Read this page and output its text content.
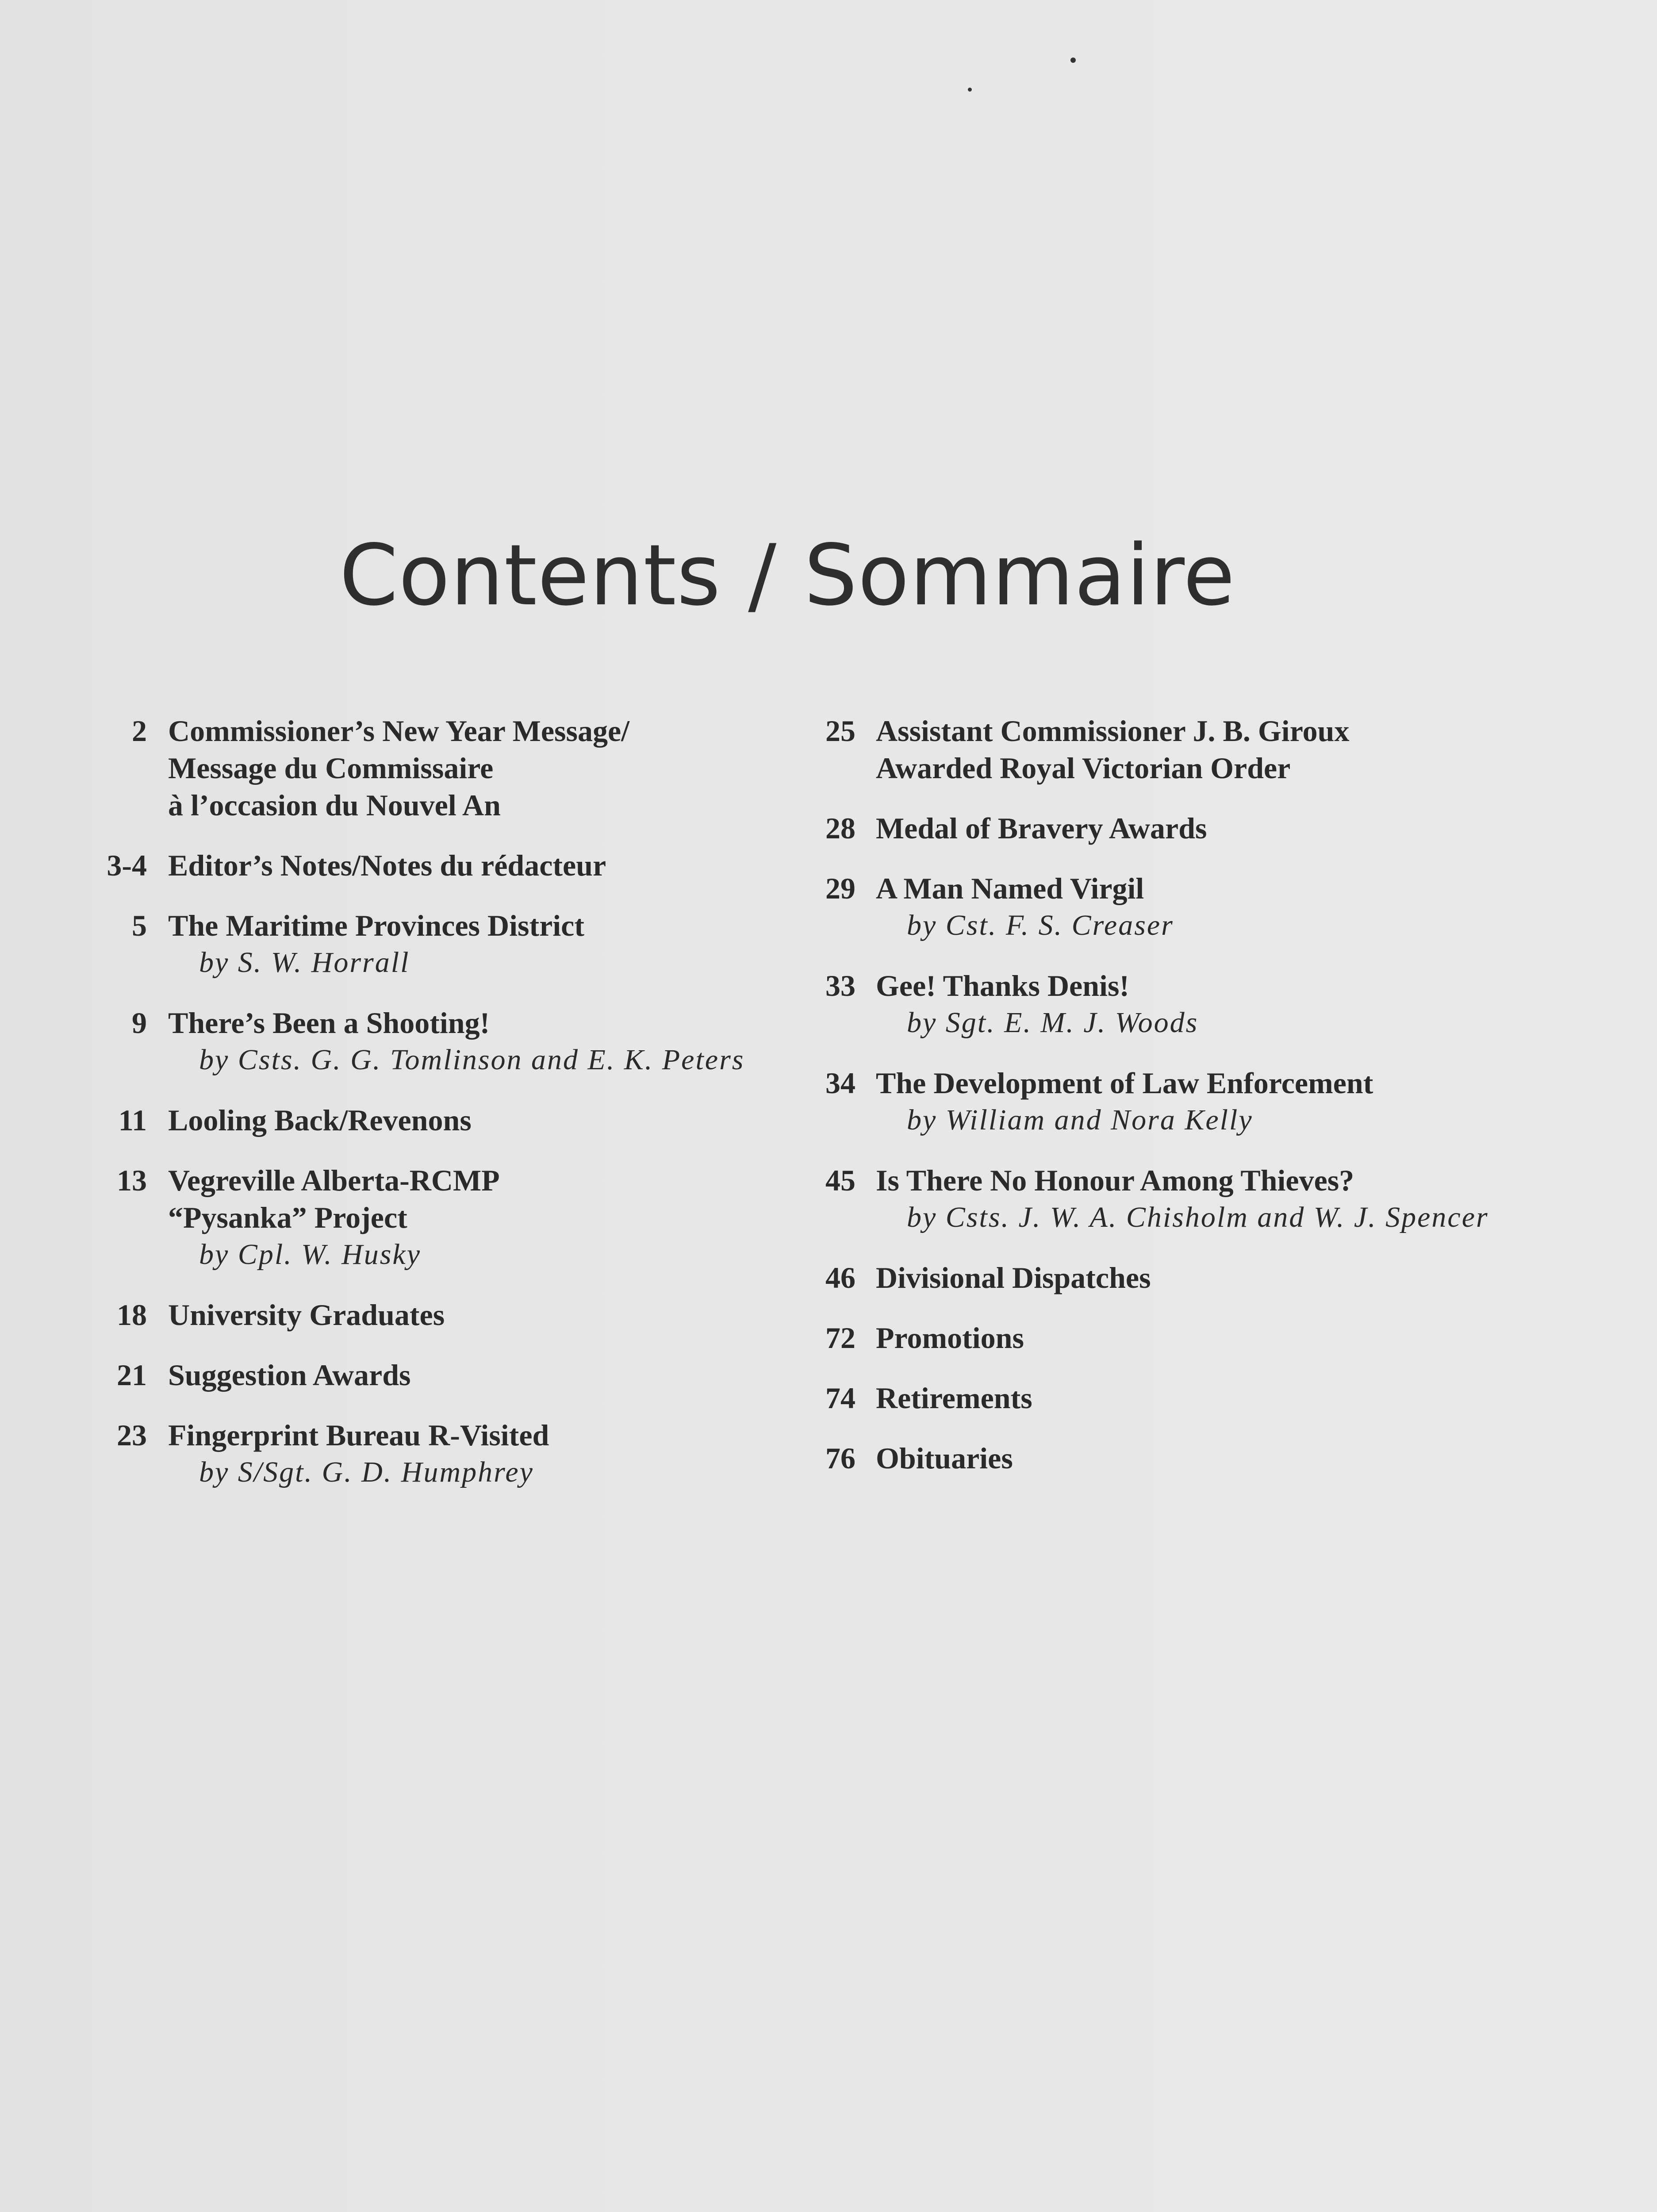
Contents / Sommaire
2 Commissioner’s New Year Message/
Message du Commissaire
à l’occasion du Nouvel An
3-4 Editor’s Notes/Notes du rédacteur
5 The Maritime Provinces District
by S. W. Horrall
9 There’s Been a Shooting!
by Csts. G. G. Tomlinson and E. K. Peters
11 Looling Back/Revenons
13 Vegreville Alberta-RCMP
“Pysanka” Project
by Cpl. W. Husky
18 University Graduates
21 Suggestion Awards
23 Fingerprint Bureau R-Visited
by S/Sgt. G. D. Humphrey
25 Assistant Commissioner J. B. Giroux
Awarded Royal Victorian Order
28 Medal of Bravery Awards
29 A Man Named Virgil
by Cst. F. S. Creaser
33 Gee! Thanks Denis!
by Sgt. E. M. J. Woods
34 The Development of Law Enforcement
by William and Nora Kelly
45 Is There No Honour Among Thieves?
by Csts. J. W. A. Chisholm and W. J. Spencer
46 Divisional Dispatches
72 Promotions
74 Retirements
76 Obituaries
